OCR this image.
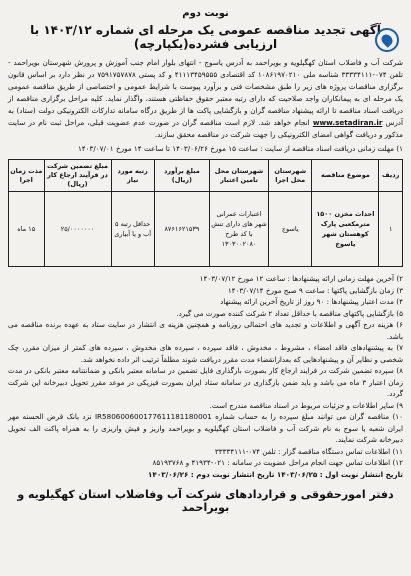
نوبت دوم
آگهی تجدید مناقصه عمومی یک مرحله ای شماره ۱۴۰۳/۱۲ با ارزیابی فشرده(یکپارچه)

شرکت آب و فاضلاب استان کهگیلویه و بویراحمد به آدرس یاسوج - انتهای بلوار امام جنب آموزش و پرورش شهرستان بویراحمد - تلفن ۰۷۴-۳۳۳۳۴۱۱۱ شناسه ملی ۱۰۸۶۱۹۷۰۲۱۰ کد اقتصادی ۴۱۱۱۳۴۵۹۵۵۵ و کد پستی ۷۵۹۱۷۵۷۸۷۸ در نظر دارد بر اساس قانون برگزاری مناقصات پروژه های زیر را طبق مشخصات فنی و برآورد پیوست با شرایط عمومی و اختصاصی از طریق مناقصه عمومی یک مرحله ای به پیمانکاران واجد صلاحیت که دارای رتبه معتبر حقوق حفاظتی هستند، واگذار نماید. کلیه مراحل برگزاری مناقصه از دریافت اسناد مناقصه تا ارائه پیشنهاد مناقصه گران و بازگشایی پاکت ها از طریق درگاه سامانه تدارکات الکترونیکی دولت (ستاد) به آدرس www.setadiran.ir انجام خواهد شد. لازم است مناقصه گران در صورت عدم عضویت قبلی، مراحل ثبت نام در سایت مذکور و دریافت گواهی امضای الکترونیکی را جهت شرکت در مناقصه محقق سازند.

۱) مهلت زمانی دریافت اسناد مناقصه از سایت : ساعت ۱۵ مورخ ۱۴۰۳/۰۶/۲۶ تا ساعت ۱۴ مورخ ۱۴۰۳/۰۷/۰۱

ردیف	موضوع مناقصه	شهرستان محل اجرا	شهرستان محل تامین اعتبار	مبلغ برآورد (ریال)	رتبه مورد نیاز	مبلغ تضمین شرکت در فرآیند ارجاع کار (ریال)	مدت زمان اجرا
۱	احداث مخزن ۱۵۰۰ مترمکعبی پارک کوهستان شهر یاسوج	یاسوج	اعتبارات عمرانی شهر های دارای تنش با کد طرح ۱۳۰۳۰۰۲۰۸۰	۸۷۶۱۶۲۱۵۳۹	حداقل رتبه ۵ آب و یا آبیاری	۲۵/۰۰۰۰۰۰۰	۱۵ ماه
۲) آخرین مهلت زمانی ارائه پیشنهادها : ساعت ۱۲ مورخ ۱۴۰۳/۰۷/۱۲
۳) زمان بازگشایی پاکتها : ساعت ۹ صبح مورخ ۱۴۰۳/۰۷/۱۴
۴) مدت اعتبار پیشنهادها : ۹۰ روز از تاریخ آخرین ارائه پیشنهاد
۵) بازگشایی پاکتهای مناقصه با حداقل تعداد ۲ شرکت کننده صورت می گیرد.
۶) هزینه درج آگهی و اطلاعات و تجدید های احتمالی روزنامه و همچنین هزینه ی انتشار در سایت ستاد به عهده برنده مناقصه می باشد.
۷) به پیشنهادهای فاقد امضاء ، مشروط ، مخدوش ، فاقد سپرده ، سپرده های مخدوش ، سپرده های کمتر از میزان مقرر، چک شخصی و نظایر آن و پیشنهادهایی که بعدازانقضاء مدت مقرر دریافت شوند مطلقاً ترتیب اثر داده نخواهد شد.
۸) سپرده تضمین شرکت در فرایند ارجاع کار بصورت بارگذاری فایل تضمین در سامانه معتبر بانکی و ضمانتنامه معتبر بانکی در مدت زمان اعتبار ۳ ماه می باشد و باید ضمن بارگذاری در سامانه ستاد ایران بصورت فیزیکی در موعد مقرر تحویل دبیرخانه این شرکت گردد.
۹) سایر اطلاعات و جزئیات مربوط در اسناد مناقصه مندرج است.
۱۰) مناقصه گران می توانند مبلغ سپرده را به حساب شماره IR580600600177611181180001 نزد بانک قرض الحسنه مهر ایران شعبه یا سوج به نام شرکت آب و فاضلاب استان کهگیلویه و بویراحمد واریز و فیش واریزی را به همراه پاکت الف تحویل دبیرخانه شرکت نمایند.
۱۱) اطلاعات تماس دستگاه مناقصه گزار : تلفن ۰۷۴-۳۳۳۳۴۱۱۱
۱۲) اطلاعات تماس جهت انجام مراحل عضویت در سامانه : ۰۲۱-۴۱۹۳۴ و ۸۵۱۹۳۷۶۸
تاریخ انتشار نوبت اول : ۱۴۰۳/۰۶/۲۵ تاریخ انتشار نوبت دوم : ۱۴۰۳/۰۶/۲۶
دفتر امورحقوقی و قراردادهای شرکت آب وفاضلاب استان کهگیلویه و بویراحمد
